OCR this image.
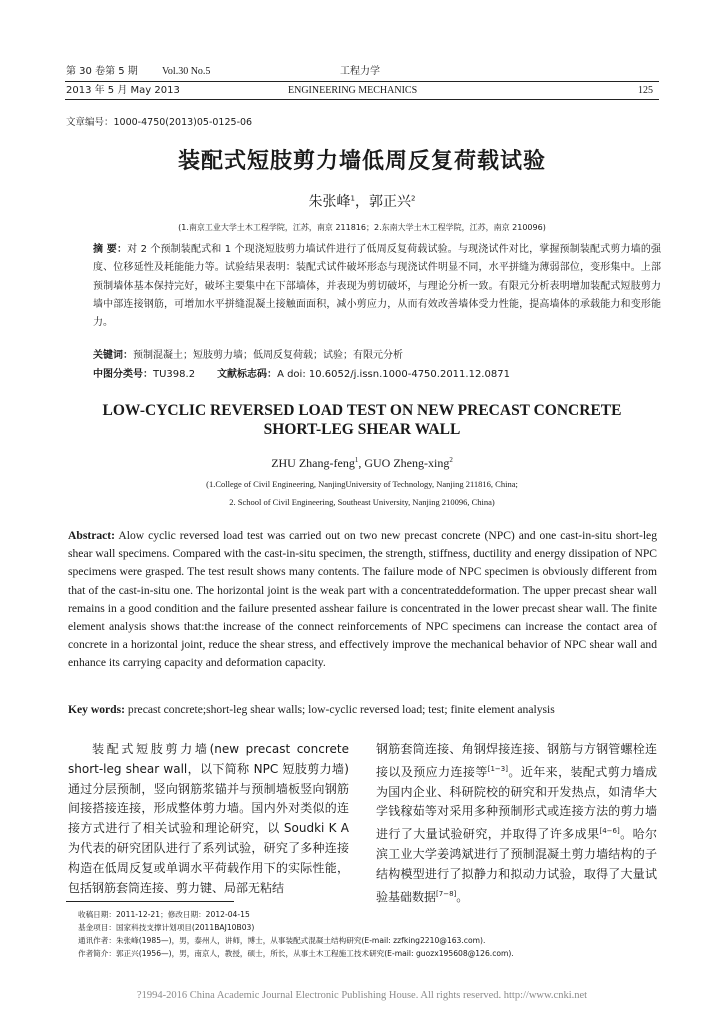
第 30 卷第 5 期 Vol.30 No.5	工程力学
2013 年 5 月 May 2013	ENGINEERING MECHANICS	125
文章编号：1000-4750(2013)05-0125-06
装配式短肢剪力墙低周反复荷载试验
朱张峰$^1$，郭正兴$^2$
(1.南京工业大学土木工程学院，江苏，南京 211816；2.东南大学土木工程学院，江苏，南京 210096)
摘 要：对 2 个预制装配式和 1 个现浇短肢剪力墙试件进行了低周反复荷载试验。与现浇试件对比，掌握预制装配式剪力墙的强度、位移延性及耗能能力等。试验结果表明：装配式试件破坏形态与现浇试件明显不同，水平拼缝为薄弱部位，变形集中。上部预制墙体基本保持完好，破坏主要集中在下部墙体，并表现为剪切破坏，与理论分析一致。有限元分析表明增加装配式短肢剪力墙中部连接钢筋，可增加水平拼缝混凝土接触面面积，减小剪应力，从而有效改善墙体受力性能，提高墙体的承载能力和变形能力。
关键词：预制混凝土；短肢剪力墙；低周反复荷载；试验；有限元分析
中图分类号：TU398.2 文献标志码：A doi: 10.6052/j.issn.1000-4750.2011.12.0871
LOW-CYCLIC REVERSED LOAD TEST ON NEW PRECAST CONCRETE
SHORT-LEG SHEAR WALL
ZHU Zhang-feng$^1$, GUO Zheng-xing$^2$
(1.College of Civil Engineering, NanjingUniversity of Technology, Nanjing 211816, China;
2. School of Civil Engineering, Southeast University, Nanjing 210096, China)
Abstract: Alow cyclic reversed load test was carried out on two new precast concrete (NPC) and one cast-in-situ short-leg shear wall specimens. Compared with the cast-in-situ specimen, the strength, stiffness, ductility and energy dissipation of NPC specimens were grasped. The test result shows many contents. The failure mode of NPC specimen is obviously different from that of the cast-in-situ one. The horizontal joint is the weak part with a concentrateddeformation. The upper precast shear wall remains in a good condition and the failure presented asshear failure is concentrated in the lower precast shear wall. The finite element analysis shows that:the increase of the connect reinforcements of NPC specimens can increase the contact area of concrete in a horizontal joint, reduce the shear stress, and effectively improve the mechanical behavior of NPC shear wall and enhance its carrying capacity and deformation capacity.
Key words: precast concrete;short-leg shear walls; low-cyclic reversed load; test; finite element analysis
装配式短肢剪力墙(new precast concrete short-leg shear wall，以下简称 NPC 短肢剪力墙)通过分层预制，竖向钢筋浆锚并与预制墙板竖向钢筋间接搭接连接，形成整体剪力墙。国内外对类似的连接方式进行了相关试验和理论研究，以 Soudki K A 为代表的研究团队进行了系列试验，研究了多种连接构造在低周反复或单调水平荷载作用下的实际性能，包括钢筋套筒连接、剪力键、局部无粘结
钢筋套筒连接、角钢焊接连接、钢筋与方钢管螺栓连接以及预应力连接等[1−3]。近年来，装配式剪力墙成为国内企业、科研院校的研究和开发热点，如清华大学钱稼茹等对采用多种预制形式或连接方法的剪力墙进行了大量试验研究，并取得了许多成果[4−6]。哈尔滨工业大学姜鸿斌进行了预制混凝土剪力墙结构的子结构模型进行了拟静力和拟动力试验，取得了大量试验基础数据[7−8]。
收稿日期：2011-12-21；修改日期：2012-04-15
基金项目：国家科技支撑计划项目(2011BAJ10B03)
通讯作者：朱张峰(1985—)，男，泰州人，讲师，博士，从事装配式混凝土结构研究(E-mail: zzfking2210@163.com).
作者简介：郭正兴(1956—)，男，南京人，教授，硕士，所长，从事土木工程施工技术研究(E-mail: guozx195608@126.com).
?1994-2016 China Academic Journal Electronic Publishing House. All rights reserved. http://www.cnki.net
